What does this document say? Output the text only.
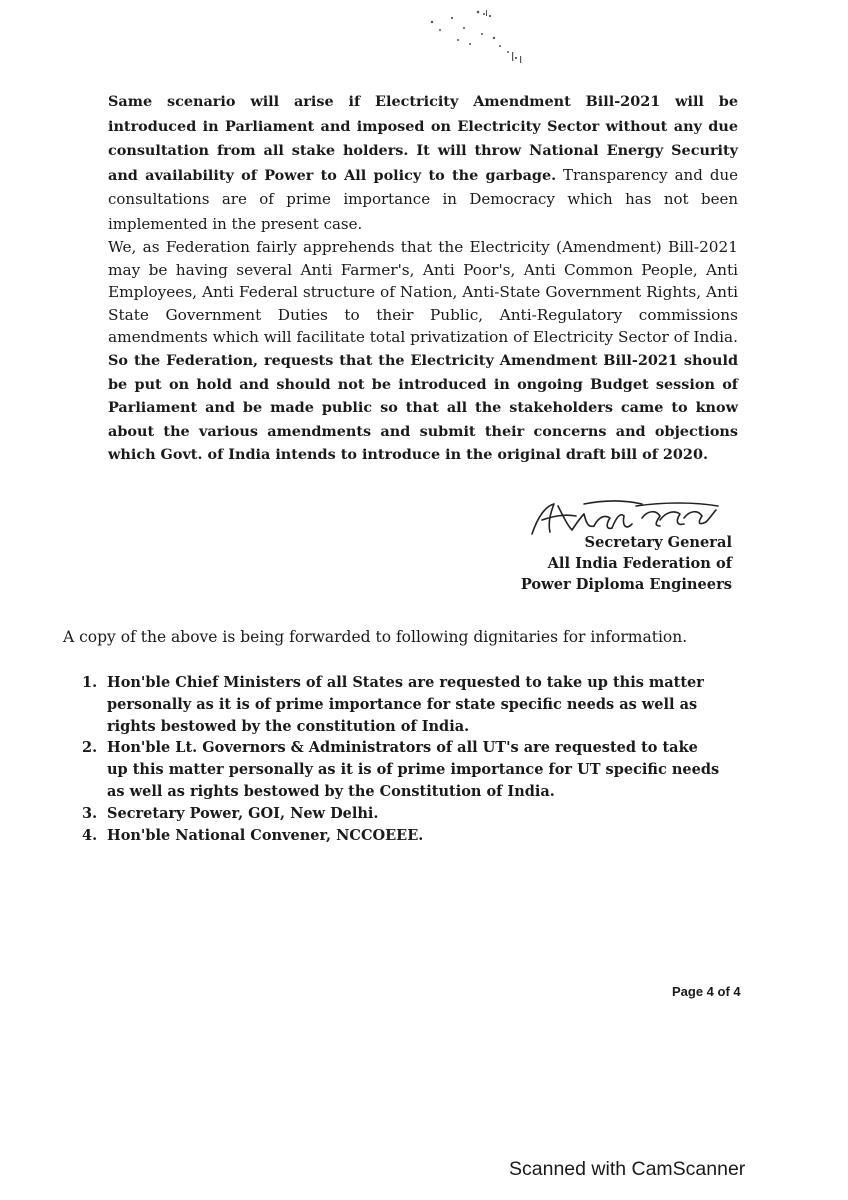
Same scenario will arise if Electricity Amendment Bill-2021 will be introduced in Parliament and imposed on Electricity Sector without any due consultation from all stake holders. It will throw National Energy Security and availability of Power to All policy to the garbage. Transparency and due consultations are of prime importance in Democracy which has not been implemented in the present case.

We, as Federation fairly apprehends that the Electricity (Amendment) Bill-2021 may be having several Anti Farmer's, Anti Poor's, Anti Common People, Anti Employees, Anti Federal structure of Nation, Anti-State Government Rights, Anti State Government Duties to their Public, Anti-Regulatory commissions amendments which will facilitate total privatization of Electricity Sector of India. So the Federation, requests that the Electricity Amendment Bill-2021 should be put on hold and should not be introduced in ongoing Budget session of Parliament and be made public so that all the stakeholders came to know about the various amendments and submit their concerns and objections which Govt. of India intends to introduce in the original draft bill of 2020.

Secretary General
All India Federation of
Power Diploma Engineers

A copy of the above is being forwarded to following dignitaries for information.

1. Hon'ble Chief Ministers of all States are requested to take up this matter personally as it is of prime importance for state specific needs as well as rights bestowed by the constitution of India.
2. Hon'ble Lt. Governors & Administrators of all UT's are requested to take up this matter personally as it is of prime importance for UT specific needs as well as rights bestowed by the Constitution of India.
3. Secretary Power, GOI, New Delhi.
4. Hon'ble National Convener, NCCOEEE.
Page 4 of 4
Scanned with CamScanner
